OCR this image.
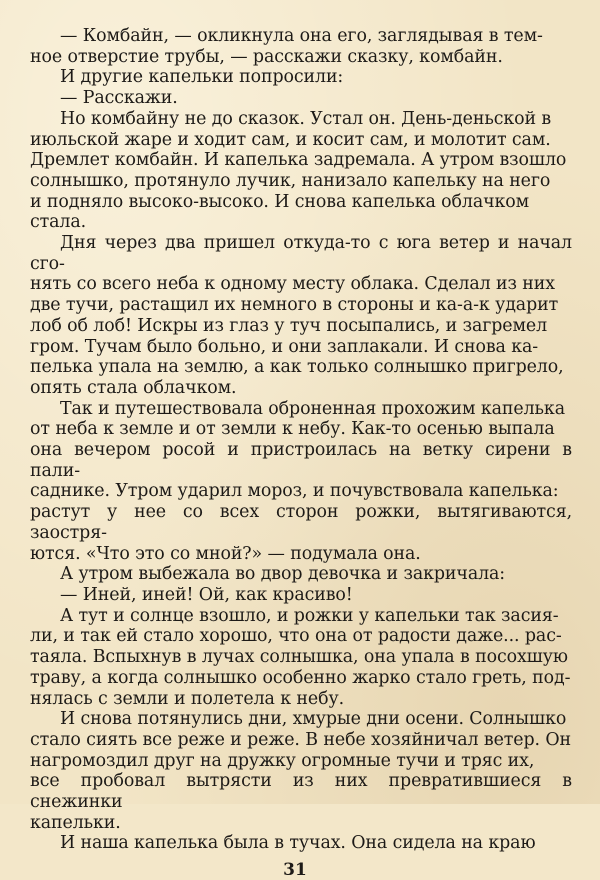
— Комбайн, — окликнула она его, заглядывая в тем-
ное отверстие трубы, — расскажи сказку, комбайн.

И другие капельки попросили:

— Расскажи.

Но комбайну не до сказок. Устал он. День-деньской в
июльской жаре и ходит сам, и косит сам, и молотит сам.
Дремлет комбайн. И капелька задремала. А утром взошло
солнышко, протянуло лучик, нанизало капельку на него
и подняло высоко-высоко. И снова капелька облачком
стала.

Дня через два пришел откуда-то с юга ветер и начал сго-
нять со всего неба к одному месту облака. Сделал из них
две тучи, растащил их немного в стороны и ка-а-к ударит
лоб об лоб! Искры из глаз у туч посыпались, и загремел
гром. Тучам было больно, и они заплакали. И снова ка-
пелька упала на землю, а как только солнышко пригрело,
опять стала облачком.

Так и путешествовала оброненная прохожим капелька
от неба к земле и от земли к небу. Как-то осенью выпала
она вечером росой и пристроилась на ветку сирени в пали-
саднике. Утром ударил мороз, и почувствовала капелька:
растут у нее со всех сторон рожки, вытягиваются, заостря-
ются. «Что это со мной?» — подумала она.

А утром выбежала во двор девочка и закричала:

— Иней, иней! Ой, как красиво!

А тут и солнце взошло, и рожки у капельки так засия-
ли, и так ей стало хорошо, что она от радости даже... рас-
таяла. Вспыхнув в лучах солнышка, она упала в посохшую
траву, а когда солнышко особенно жарко стало греть, под-
нялась с земли и полетела к небу.

И снова потянулись дни, хмурые дни осени. Солнышко
стало сиять все реже и реже. В небе хозяйничал ветер. Он
нагромоздил друг на дружку огромные тучи и тряс их,
все пробовал вытрясти из них превратившиеся в снежинки
капельки.

И наша капелька была в тучах. Она сидела на краю

31
